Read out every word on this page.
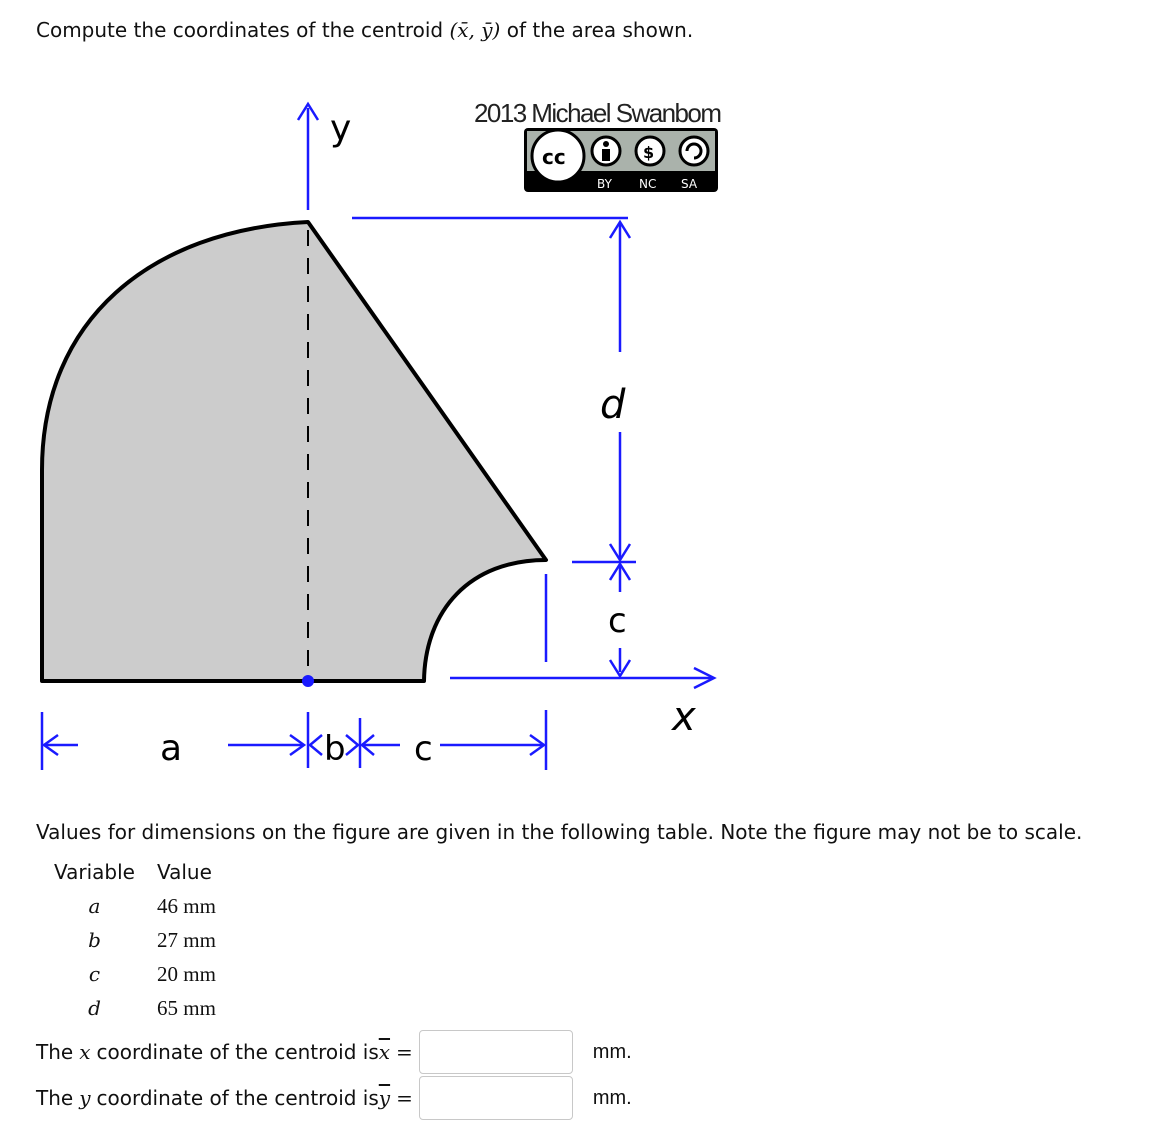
Compute the coordinates of the centroid (x̄, ȳ) of the area shown.
y
x
d
c
a	b c
2013 Michael Swanbom
cc	$
BY NC SA
Values for dimensions on the figure are given in the following table. Note the figure may not be to scale.
Variable	Value
a	46 mm
b	27 mm
c	20 mm
d	65 mm
The x coordinate of the centroid is $\overline{x}$ =	mm.
The y coordinate of the centroid is $\overline{y}$ =	mm.
